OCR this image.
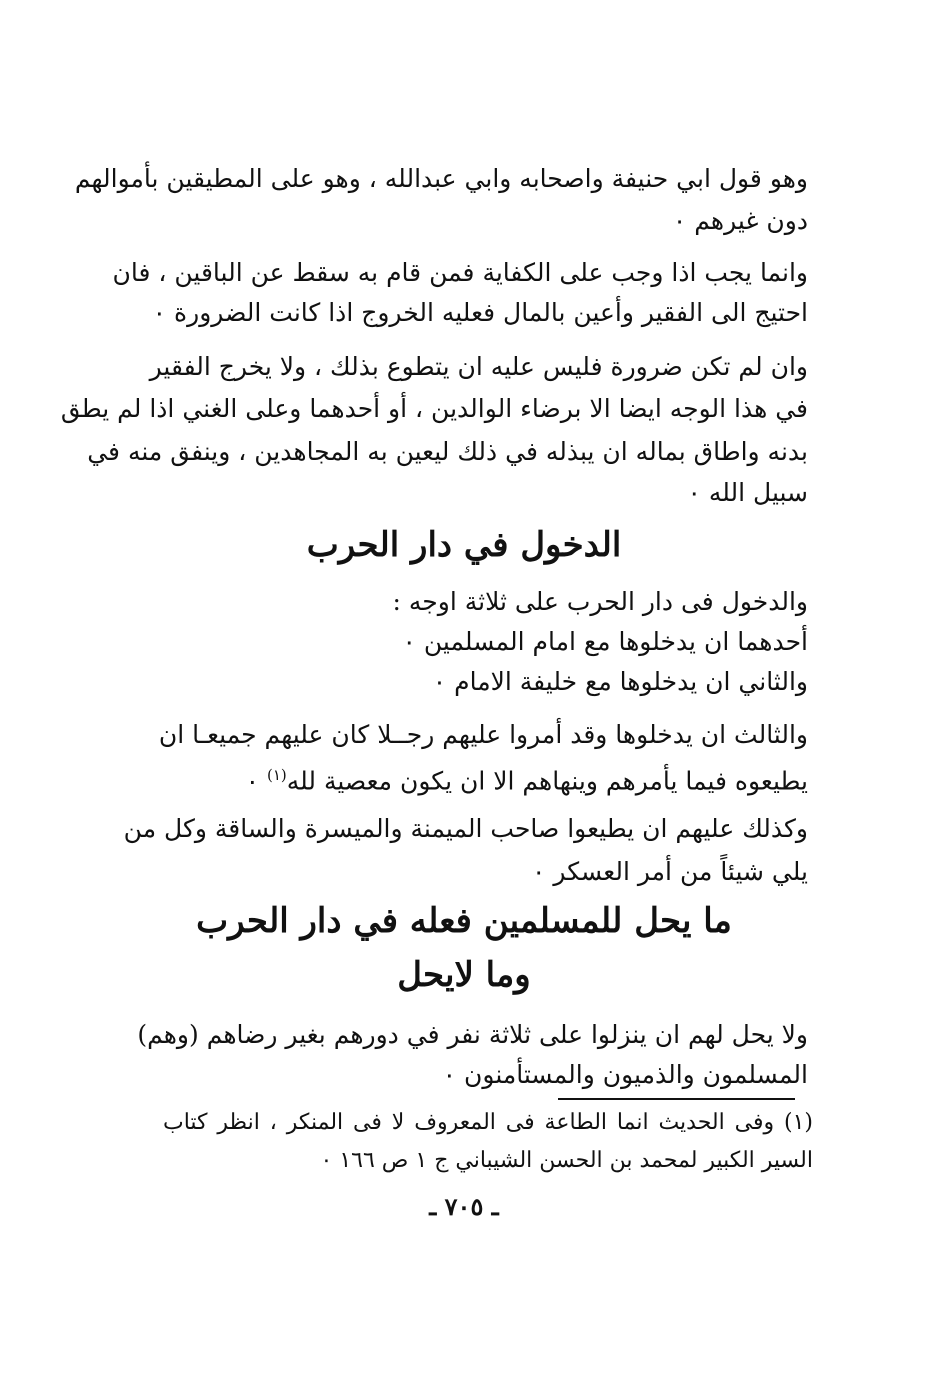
وهو قول ابي حنيفة واصحابه وابي عبدالله ، وهو على المطيقين بأموالهم
دون غيرهم ٠
وانما يجب اذا وجب على الكفاية فمن قام به سقط عن الباقين ، فان
احتيج الى الفقير وأعين بالمال فعليه الخروج اذا كانت الضرورة ٠
وان لم تكن ضرورة فليس عليه ان يتطوع بذلك ، ولا يخرج الفقير
في هذا الوجه ايضا الا برضاء الوالدين ، أو أحدهما وعلى الغني اذا لم يطق
بدنه واطاق بماله ان يبذله في ذلك ليعين به المجاهدين ، وينفق منه في
سبيل الله ٠
الدخول في دار الحرب
والدخول فى دار الحرب على ثلاثة اوجه :
أحدهما ان يدخلوها مع امام المسلمين ٠
والثاني ان يدخلوها مع خليفة الامام ٠
والثالث ان يدخلوها وقد أمروا عليهم رجــلا كان عليهم جميعـا ان
يطيعوه فيما يأمرهم وينهاهم الا ان يكون معصية لله$^{(١)}$ ٠
وكذلك عليهم ان يطيعوا صاحب الميمنة والميسرة والساقة وكل من
يلي شيئاً من أمر العسكر ٠
ما يحل للمسلمين فعله في دار الحرب
وما لايحل
ولا يحل لهم ان ينزلوا على ثلاثة نفر في دورهم بغير رضاهم (وهم)
المسلمون والذميون والمستأمنون ٠
(١) وفى الحديث انما الطاعة فى المعروف لا فى المنكر ، انظر كتاب
السير الكبير لمحمد بن الحسن الشيباني ج ١ ص ١٦٦ ٠
ـ ٧٠٥ ـ
